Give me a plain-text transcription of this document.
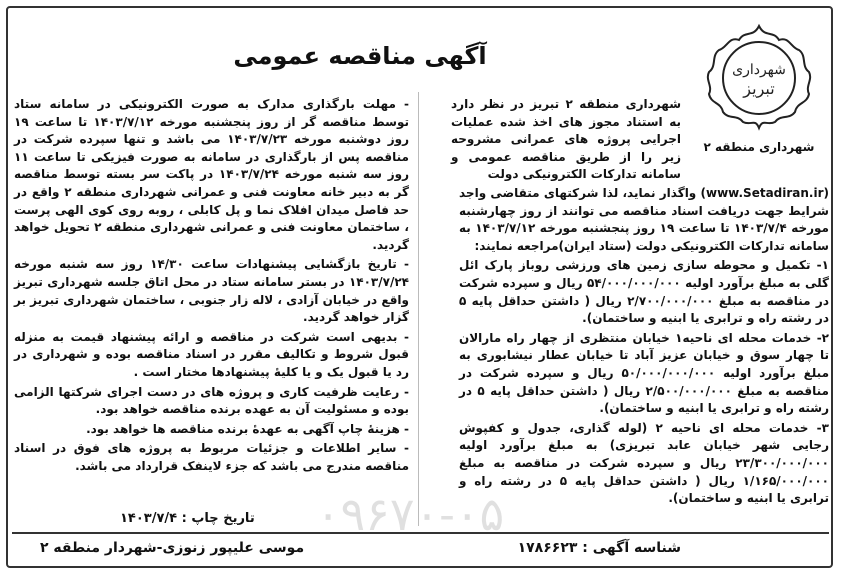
شهرداری
تبریز
شهرداری منطقه ۲
آگهی مناقصه عمومی

شهرداری منطقه ۲ تبریز در نظر دارد به استناد مجوز های اخذ شده عملیات اجرایی پروژه های عمرانی مشروحه زیر را از طریق مناقصه عمومی و سامانه تدارکات الکترونیکی دولت

(www.Setadiran.ir) واگذار نماید، لذا شرکتهای متقاضی واجد شرایط جهت دریافت اسناد مناقصه می توانند از روز چهارشنبه مورخه ۱۴۰۳/۷/۴ تا ساعت ۱۹ روز پنجشنبه مورخه ۱۴۰۳/۷/۱۲ به سامانه تدارکات الکترونیکی دولت (ستاد ایران)مراجعه نمایند:

۱- تکمیل و محوطه سازی زمین های ورزشی روباز پارک ائل گلی به مبلغ برآورد اولیه ۵۴/۰۰۰/۰۰۰/۰۰۰ ریال و سپرده شرکت در مناقصه به مبلغ ۲/۷۰۰/۰۰۰/۰۰۰ ریال ( داشتن حداقل پایه ۵ در رشته راه و ترابری یا ابنیه و ساختمان).

۲- خدمات محله ای ناحیه۱ خیابان منتظری از چهار راه مارالان تا چهار سوق و خیابان عزیز آباد تا خیابان عطار نیشابوری به مبلغ برآورد اولیه ۵۰/۰۰۰/۰۰۰/۰۰۰ ریال و سپرده شرکت در مناقصه به مبلغ ۲/۵۰۰/۰۰۰/۰۰۰ ریال ( داشتن حداقل پایه ۵ در رشته راه و ترابری یا ابنیه و ساختمان).

۳- خدمات محله ای ناحیه ۲ (لوله گذاری، جدول و کفپوش رجایی شهر خیابان عابد تبریزی) به مبلغ برآورد اولیه ۲۳/۳۰۰/۰۰۰/۰۰۰ ریال و سپرده شرکت در مناقصه به مبلغ ۱/۱۶۵/۰۰۰/۰۰۰ ریال ( داشتن حداقل پایه ۵ در رشته راه و ترابری یا ابنیه و ساختمان).

- مهلت بارگذاری مدارک به صورت الکترونیکی در سامانه ستاد توسط مناقصه گر از روز پنجشنبه مورخه ۱۴۰۳/۷/۱۲ تا ساعت ۱۹ روز دوشنبه مورخه ۱۴۰۳/۷/۲۳ می باشد و تنها سپرده شرکت در مناقصه پس از بارگذاری در سامانه به صورت فیزیکی تا ساعت ۱۱ روز سه شنبه مورخه ۱۴۰۳/۷/۲۴ در پاکت سر بسته توسط مناقصه گر به دبیر خانه معاونت فنی و عمرانی شهرداری منطقه ۲ واقع در حد فاصل میدان افلاک نما و پل کابلی ، روبه روی کوی الهی پرست ، ساختمان معاونت فنی و عمرانی شهرداری منطقه ۲ تحویل خواهد گردید.

- تاریخ بازگشایی پیشنهادات ساعت ۱۴/۳۰ روز سه شنبه مورخه ۱۴۰۳/۷/۲۴ در بستر سامانه ستاد در محل اتاق جلسه شهرداری تبریز واقع در خیابان آزادی ، لاله زار جنوبی ، ساختمان شهرداری تبریز بر گزار خواهد گردید.

- بدیهی است شرکت در مناقصه و ارائه پیشنهاد قیمت به منزله قبول شروط و تکالیف مقرر در اسناد مناقصه بوده و شهرداری در رد یا قبول یک و یا کلیهٔ پیشنهادها مختار است .

- رعایت ظرفیت کاری و پروژه های در دست اجرای شرکتها الزامی بوده و مسئولیت آن به عهده برنده مناقصه خواهد بود.

- هزینهٔ چاپ آگهی به عهدهٔ برنده مناقصه ها خواهد بود.

- سایر اطلاعات و جزئیات مربوط به پروژه های فوق در اسناد مناقصه مندرج می باشد که جزء لاینفک قرارداد می باشد.

تاریخ چاپ : ۱۴۰۳/۷/۴ ۰۹۶۷۰-۰۵
شناسه آگهی : ۱۷۸۶۶۲۳
موسی علیپور زنوزی-شهردار منطقه ۲
